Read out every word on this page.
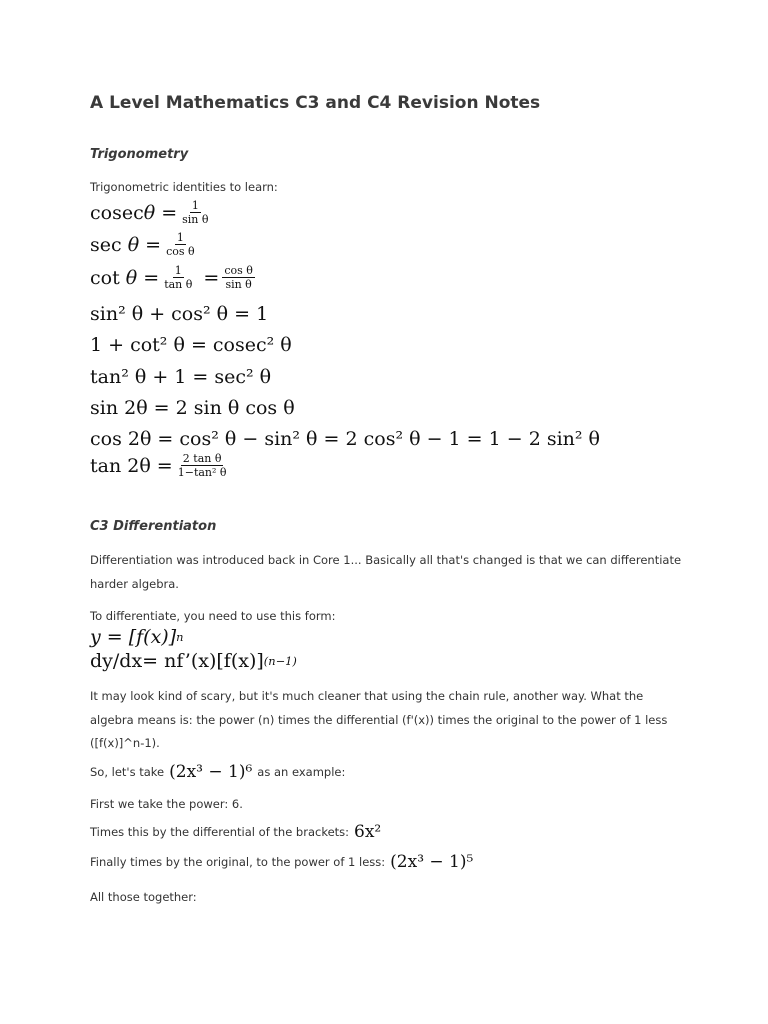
A Level Mathematics C3 and C4 Revision Notes
Trigonometry
Trigonometric identities to learn:
cosec $\theta = \frac{1}{\text{sin θ}}$
sec
$\theta = \frac{1}{\text{cos θ}}$
cot
$\theta = \frac{1}{\text{tan θ}} = \frac{\text{cos θ}}{\text{sin θ}}$
sin² θ + cos² θ = 1
1 + cot² θ = cosec² θ
tan² θ + 1 = sec² θ
sin 2θ = 2 sin θ cos θ
cos 2θ = cos² θ − sin² θ = 2 cos² θ − 1 = 1 − 2 sin² θ
$\tan 2\theta = \frac{\text{2 tan θ}}{\text{1−tan² θ}}$
C3 Differentiaton
Differentiation was introduced back in Core 1... Basically all that's changed is that we can differentiate
harder algebra.
To differentiate, you need to use this form:
y = [f(x)] n
dy/dx= nf’(x)[f(x)] (n−1)
It may look kind of scary, but it's much cleaner that using the chain rule, another way. What the
algebra means is: the power (n) times the differential (f'(x)) times the original to the power of 1 less
([f(x)]^n-1).
So, let's take (2x³ − 1)⁶ as an example:
First we take the power: 6.
Times this by the differential of the brackets: 6x²
Finally times by the original, to the power of 1 less: (2x³ − 1)⁵
All those together:
